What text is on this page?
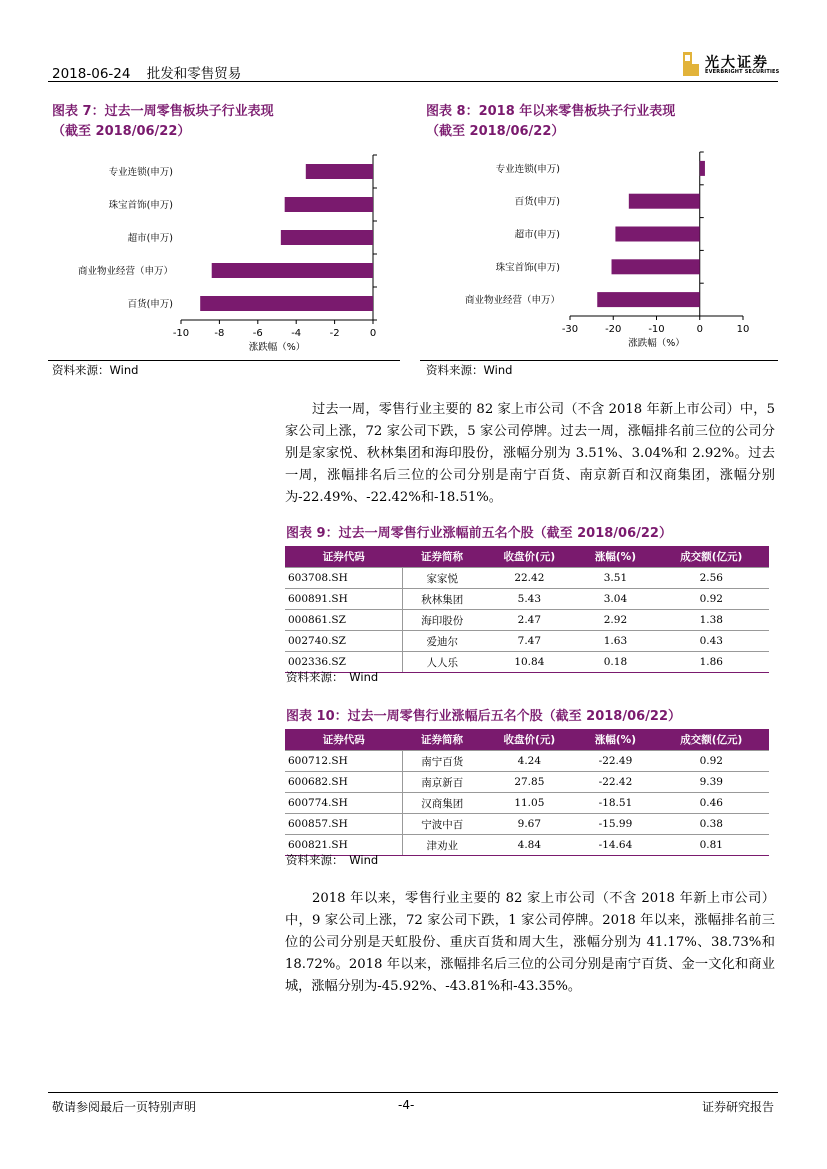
2018-06-24 批发和零售贸易
光大证券
EVERBRIGHT SECURITIES
图表 7：过去一周零售板块子行业表现
（截至 2018/06/22）
专业连锁(申万)
珠宝首饰(申万)
超市(申万)
商业物业经营（申万）
百货(申万)
-10	-8	-6	-4	-2	0
涨跌幅（%）
资料来源：Wind
图表 8：2018 年以来零售板块子行业表现
（截至 2018/06/22）
专业连锁(申万)
百货(申万)
超市(申万)
珠宝首饰(申万)
商业物业经营（申万）
-30	-20	-10	0	10
涨跌幅（%）
资料来源：Wind

过去一周，零售行业主要的 82 家上市公司（不含 2018 年新上市公司）中，5 家公司上涨，72 家公司下跌，5 家公司停牌。过去一周，涨幅排名前三位的公司分别是家家悦、秋林集团和海印股份，涨幅分别为 3.51%、3.04%和 2.92%。过去一周，涨幅排名后三位的公司分别是南宁百货、南京新百和汉商集团，涨幅分别为-22.49%、-22.42%和-18.51%。

图表 9：过去一周零售行业涨幅前五名个股（截至 2018/06/22）
证券代码	证券简称	收盘价(元)	涨幅(%)	成交额(亿元)
603708.SH	家家悦	22.42	3.51	2.56
600891.SH	秋林集团	5.43	3.04	0.92
000861.SZ	海印股份	2.47	2.92	1.38
002740.SZ	爱迪尔	7.47	1.63	0.43
002336.SZ	人人乐	10.84	0.18	1.86
资料来源：　Wind
图表 10：过去一周零售行业涨幅后五名个股（截至 2018/06/22）
证券代码	证券简称	收盘价(元)	涨幅(%)	成交额(亿元)
600712.SH	南宁百货	4.24	-22.49	0.92
600682.SH	南京新百	27.85	-22.42	9.39
600774.SH	汉商集团	11.05	-18.51	0.46
600857.SH	宁波中百	9.67	-15.99	0.38
600821.SH	津劝业	4.84	-14.64	0.81
资料来源：　Wind

2018 年以来，零售行业主要的 82 家上市公司（不含 2018 年新上市公司）中，9 家公司上涨，72 家公司下跌，1 家公司停牌。2018 年以来，涨幅排名前三位的公司分别是天虹股份、重庆百货和周大生，涨幅分别为 41.17%、38.73%和 18.72%。2018 年以来，涨幅排名后三位的公司分别是南宁百货、金一文化和商业城，涨幅分别为-45.92%、-43.81%和-43.35%。

敬请参阅最后一页特别声明	-4-	证券研究报告
